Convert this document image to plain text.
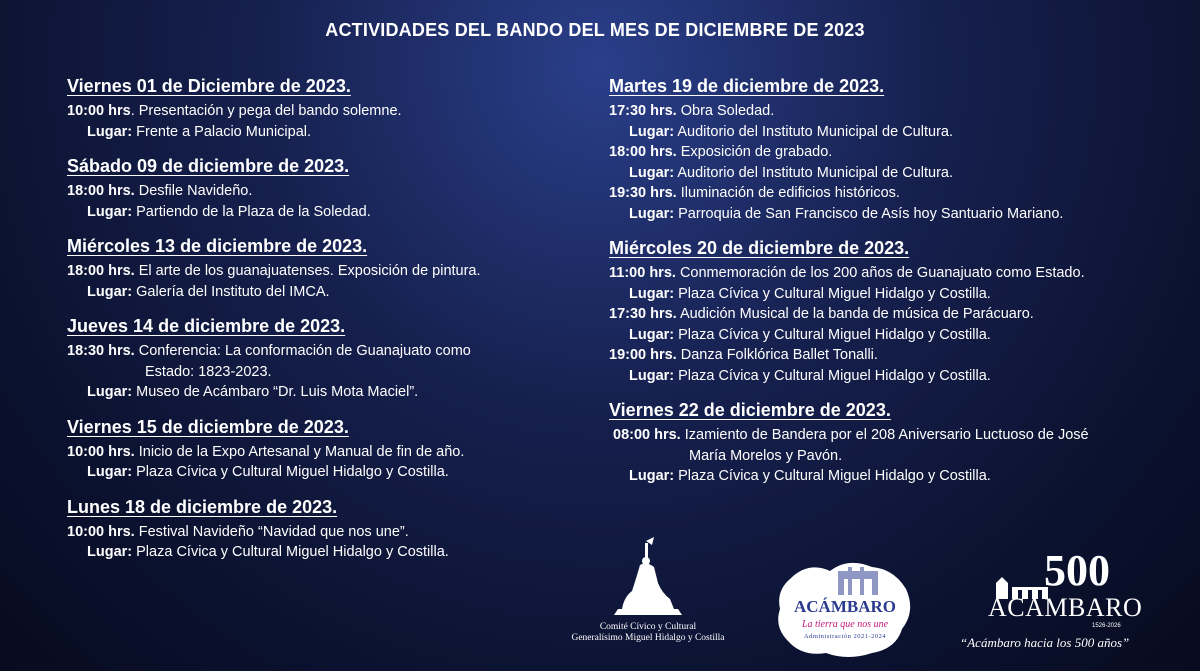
ACTIVIDADES DEL BANDO DEL MES DE DICIEMBRE DE 2023
Viernes 01 de Diciembre de 2023.
10:00 hrs. Presentación y pega del bando solemne.
Lugar: Frente a Palacio Municipal.
Sábado 09 de diciembre de 2023.
18:00 hrs. Desfile Navideño.
Lugar: Partiendo de la Plaza de la Soledad.
Miércoles 13 de diciembre de 2023.
18:00 hrs. El arte de los guanajuatenses. Exposición de pintura.
Lugar: Galería del Instituto del IMCA.
Jueves 14 de diciembre de 2023.
18:30 hrs. Conferencia: La conformación de Guanajuato como
Estado: 1823-2023.
Lugar: Museo de Acámbaro “Dr. Luis Mota Maciel”.
Viernes 15 de diciembre de 2023.
10:00 hrs. Inicio de la Expo Artesanal y Manual de fin de año.
Lugar: Plaza Cívica y Cultural Miguel Hidalgo y Costilla.
Lunes 18 de diciembre de 2023.
10:00 hrs. Festival Navideño “Navidad que nos une”.
Lugar: Plaza Cívica y Cultural Miguel Hidalgo y Costilla.
Martes 19 de diciembre de 2023.
17:30 hrs. Obra Soledad.
Lugar: Auditorio del Instituto Municipal de Cultura.
18:00 hrs. Exposición de grabado.
Lugar: Auditorio del Instituto Municipal de Cultura.
19:30 hrs. Iluminación de edificios históricos.
Lugar: Parroquia de San Francisco de Asís hoy Santuario Mariano.
Miércoles 20 de diciembre de 2023.
11:00 hrs. Conmemoración de los 200 años de Guanajuato como Estado.
Lugar: Plaza Cívica y Cultural Miguel Hidalgo y Costilla.
17:30 hrs. Audición Musical de la banda de música de Parácuaro.
Lugar: Plaza Cívica y Cultural Miguel Hidalgo y Costilla.
19:00 hrs. Danza Folklórica Ballet Tonalli.
Lugar: Plaza Cívica y Cultural Miguel Hidalgo y Costilla.
Viernes 22 de diciembre de 2023.
08:00 hrs. Izamiento de Bandera por el 208 Aniversario Luctuoso de José
María Morelos y Pavón.
Lugar: Plaza Cívica y Cultural Miguel Hidalgo y Costilla.
Comité Cívico y Cultural
Generalísimo Miguel Hidalgo y Costilla
ACÁMBARO
La tierra que nos une
Administración 2021-2024
500
ACÁMBARO
1526-2026
“Acámbaro hacia los 500 años”
